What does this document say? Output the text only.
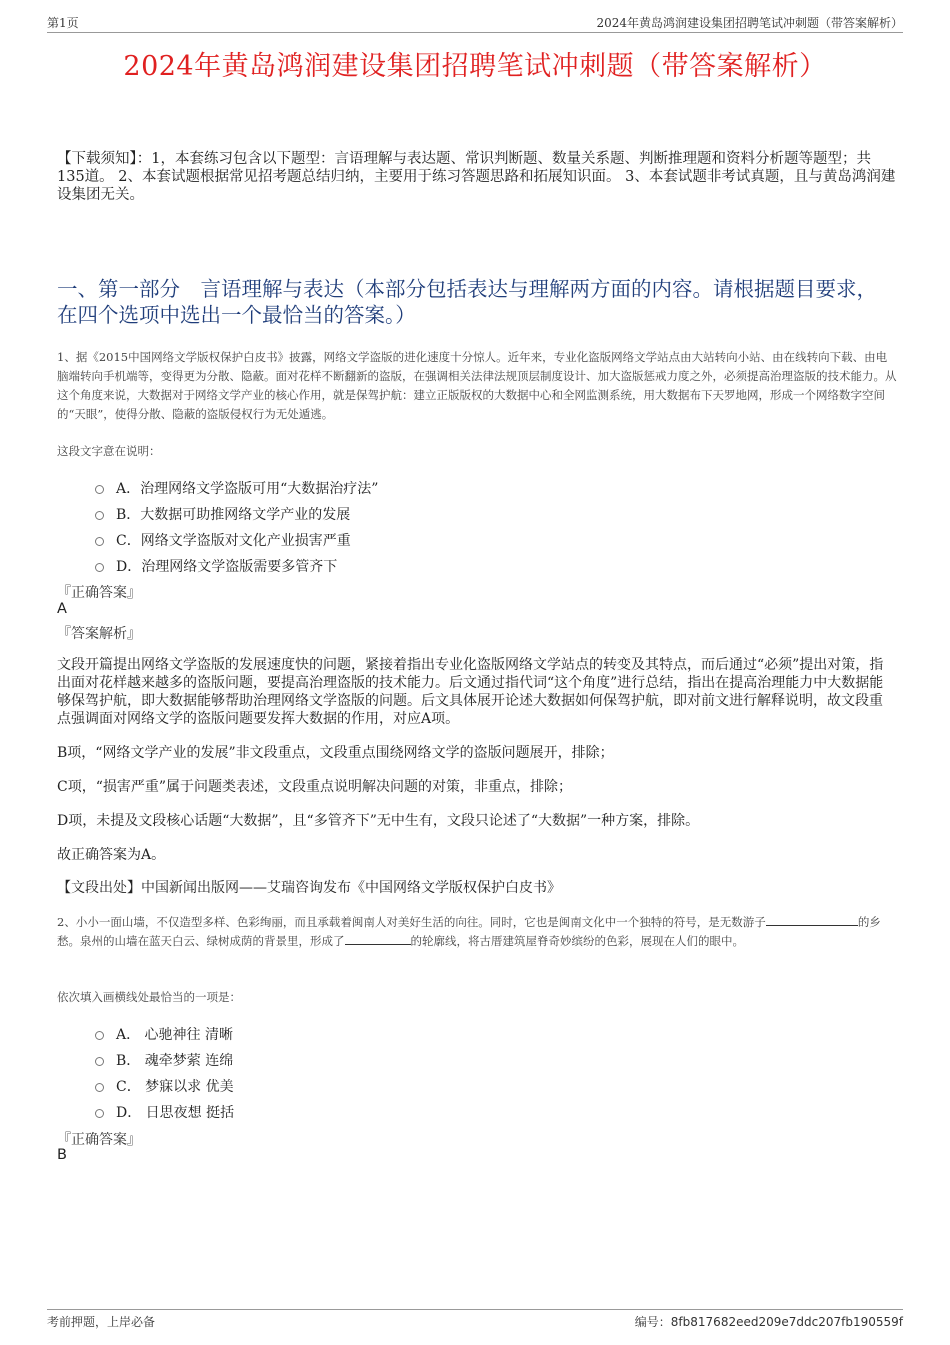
第1页	2024年黄岛鸿润建设集团招聘笔试冲刺题（带答案解析）
2024年黄岛鸿润建设集团招聘笔试冲刺题（带答案解析）
【下载须知】：1，本套练习包含以下题型：言语理解与表达题、常识判断题、数量关系题、判断推理题和资料分析题等题型；共135道。 2、本套试题根据常见招考题总结归纳，主要用于练习答题思路和拓展知识面。 3、本套试题非考试真题，且与黄岛鸿润建设集团无关。
一、第一部分　言语理解与表达（本部分包括表达与理解两方面的内容。请根据题目要求，在四个选项中选出一个最恰当的答案。）
1、据《2015中国网络文学版权保护白皮书》披露，网络文学盗版的进化速度十分惊人。近年来，专业化盗版网络文学站点由大站转向小站、由在线转向下载、由电脑端转向手机端等，变得更为分散、隐蔽。面对花样不断翻新的盗版，在强调相关法律法规顶层制度设计、加大盗版惩戒力度之外，必须提高治理盗版的技术能力。从这个角度来说，大数据对于网络文学产业的核心作用，就是保驾护航：建立正版版权的大数据中心和全网监测系统，用大数据布下天罗地网，形成一个网络数字空间的“天眼”，使得分散、隐蔽的盗版侵权行为无处遁逃。
这段文字意在说明：
A．治理网络文学盗版可用“大数据治疗法”
B．大数据可助推网络文学产业的发展
C．网络文学盗版对文化产业损害严重
D．治理网络文学盗版需要多管齐下
『正确答案』
A
『答案解析』
文段开篇提出网络文学盗版的发展速度快的问题，紧接着指出专业化盗版网络文学站点的转变及其特点，而后通过“必须”提出对策，指出面对花样越来越多的盗版问题，要提高治理盗版的技术能力。后文通过指代词“这个角度”进行总结，指出在提高治理能力中大数据能够保驾护航，即大数据能够帮助治理网络文学盗版的问题。后文具体展开论述大数据如何保驾护航，即对前文进行解释说明，故文段重点强调面对网络文学的盗版问题要发挥大数据的作用，对应A项。
B项，“网络文学产业的发展”非文段重点，文段重点围绕网络文学的盗版问题展开，排除；
C项，“损害严重”属于问题类表述，文段重点说明解决问题的对策，非重点，排除；
D项，未提及文段核心话题“大数据”，且“多管齐下”无中生有，文段只论述了“大数据”一种方案，排除。
故正确答案为A。
【文段出处】中国新闻出版网——艾瑞咨询发布《中国网络文学版权保护白皮书》
2、小小一面山墙，不仅造型多样、色彩绚丽，而且承载着闽南人对美好生活的向往。同时，它也是闽南文化中一个独特的符号，是无数游子	的乡愁。泉州的山墙在蓝天白云、绿树成荫的背景里，形成了	的轮廓线，将古厝建筑屋脊奇妙缤纷的色彩，展现在人们的眼中。
依次填入画横线处最恰当的一项是：
A． 心驰神往 清晰
B． 魂牵梦萦 连绵
C． 梦寐以求 优美
D． 日思夜想 挺括
『正确答案』
B
考前押题，上岸必备	编号：8fb817682eed209e7ddc207fb190559f
